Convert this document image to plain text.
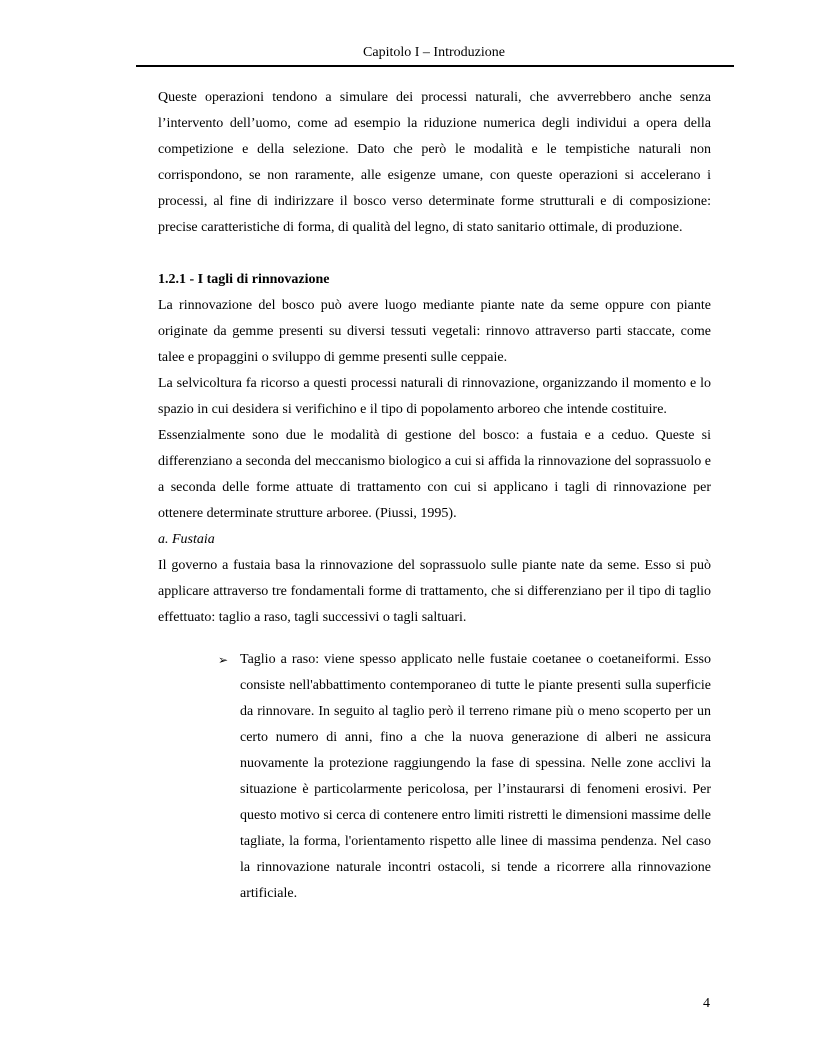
Capitolo I – Introduzione

Queste operazioni tendono a simulare dei processi naturali, che avverrebbero anche senza l’intervento dell’uomo, come ad esempio la riduzione numerica degli individui a opera della competizione e della selezione. Dato che però le modalità e le tempistiche naturali non corrispondono, se non raramente, alle esigenze umane, con queste operazioni si accelerano i processi, al fine di indirizzare il bosco verso determinate forme strutturali e di composizione: precise caratteristiche di forma, di qualità del legno, di stato sanitario ottimale, di produzione.

1.2.1 - I tagli di rinnovazione

La rinnovazione del bosco può avere luogo mediante piante nate da seme oppure con piante originate da gemme presenti su diversi tessuti vegetali: rinnovo attraverso parti staccate, come talee e propaggini o sviluppo di gemme presenti sulle ceppaie.

La selvicoltura fa ricorso a questi processi naturali di rinnovazione, organizzando il momento e lo spazio in cui desidera si verifichino e il tipo di popolamento arboreo che intende costituire.

Essenzialmente sono due le modalità di gestione del bosco: a fustaia e a ceduo. Queste si differenziano a seconda del meccanismo biologico a cui si affida la rinnovazione del soprassuolo e a seconda delle forme attuate di trattamento con cui si applicano i tagli di rinnovazione per ottenere determinate strutture arboree. (Piussi, 1995).

a. Fustaia

Il governo a fustaia basa la rinnovazione del soprassuolo sulle piante nate da seme. Esso si può applicare attraverso tre fondamentali forme di trattamento, che si differenziano per il tipo di taglio effettuato: taglio a raso, tagli successivi o tagli saltuari.

➢ Taglio a raso: viene spesso applicato nelle fustaie coetanee o coetaneiformi. Esso consiste nell'abbattimento contemporaneo di tutte le piante presenti sulla superficie da rinnovare. In seguito al taglio però il terreno rimane più o meno scoperto per un certo numero di anni, fino a che la nuova generazione di alberi ne assicura nuovamente la protezione raggiungendo la fase di spessina. Nelle zone acclivi la situazione è particolarmente pericolosa, per l’instaurarsi di fenomeni erosivi. Per questo motivo si cerca di contenere entro limiti ristretti le dimensioni massime delle tagliate, la forma, l'orientamento rispetto alle linee di massima pendenza. Nel caso la rinnovazione naturale incontri ostacoli, si tende a ricorrere alla rinnovazione artificiale.
4
